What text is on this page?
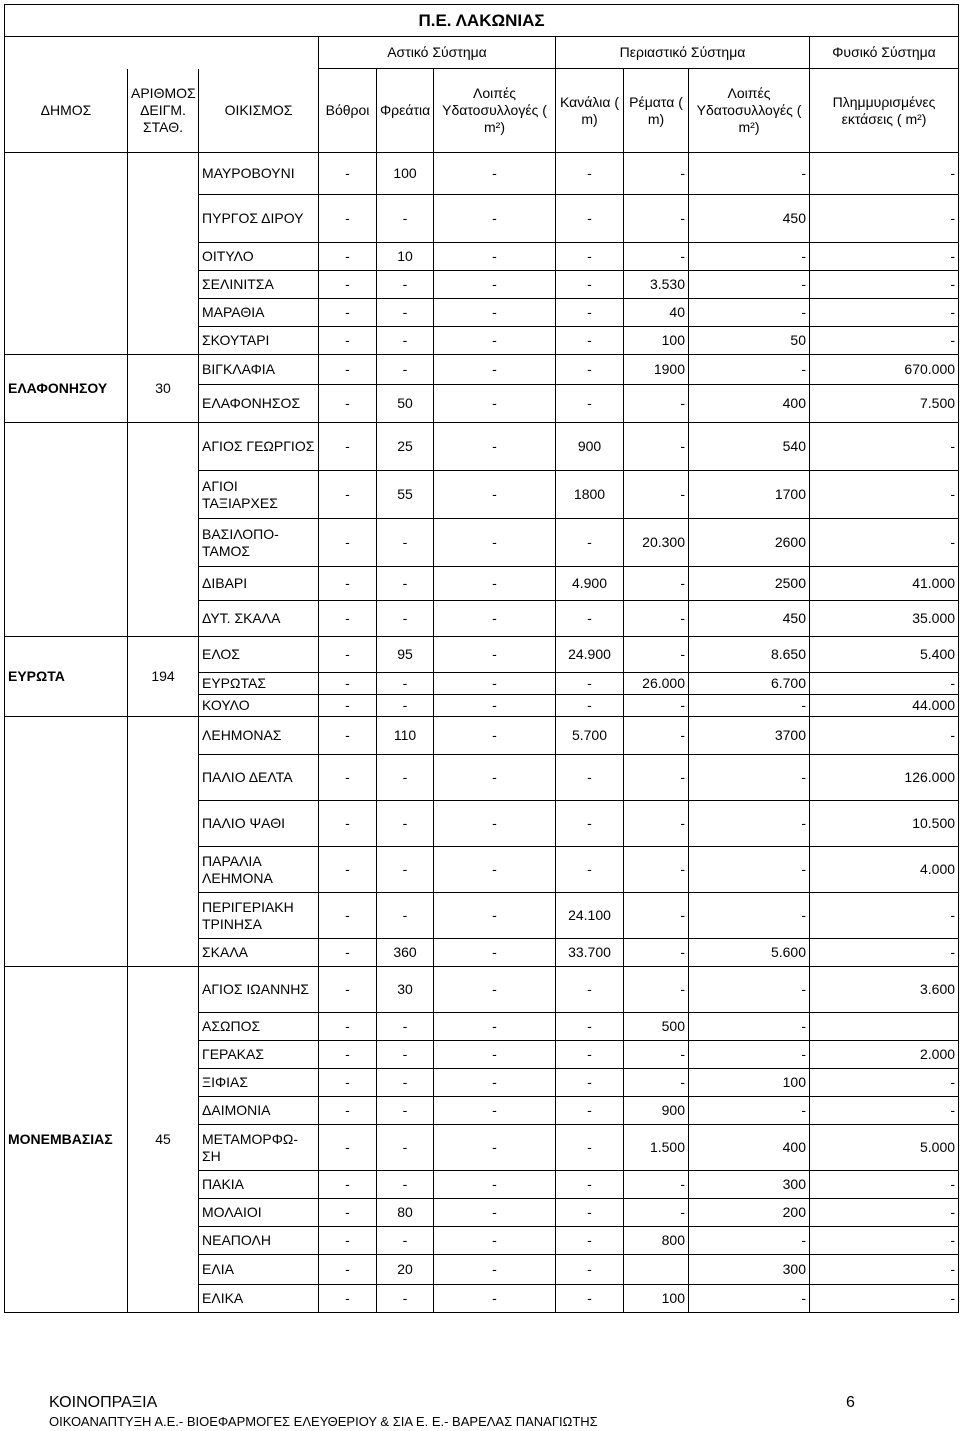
Π.Ε. ΛΑΚΩΝΙΑΣ									
			Αστικό Σύστημα			Περιαστικό Σύστημα			Φυσικό Σύστημα
ΔΗΜΟΣ	ΑΡΙΘΜΟΣ ΔΕΙΓΜ. ΣΤΑΘ.	ΟΙΚΙΣΜΟΣ	Βόθροι	Φρεάτια	Λοιπές Υδατοσυλλογές ( m²)	Κανάλια ( m)	Ρέματα ( m)	Λοιπές Υδατοσυλλογές ( m²)	Πλημμυρισμένες εκτάσεις ( m²)
		ΜΑΥΡΟΒΟΥΝΙ	-	100	-	-	-	-	-
		ΠΥΡΓΟΣ ΔΙΡΟΥ	-	-	-	-	-	450	-
		ΟΙΤΥΛΟ	-	10	-	-	-	-	-
		ΣΕΛΙΝΙΤΣΑ	-	-	-	-	3.530	-	-
		ΜΑΡΑΘΙΑ	-	-	-	-	40	-	-
		ΣΚΟΥΤΑΡΙ	-	-	-	-	100	50	-
ΕΛΑΦΟΝΗΣΟΥ	30	ΒΙΓΚΛΑΦΙΑ	-	-	-	-	1900	-	670.000
		ΕΛΑΦΟΝΗΣΟΣ	-	50	-	-	-	400	7.500
		ΑΓΙΟΣ ΓΕΩΡΓΙΟΣ	-	25	-	900	-	540	-
		ΑΓΙΟΙ ΤΑΞΙΑΡΧΕΣ	-	55	-	1800	-	1700	-
		ΒΑΣΙΛΟΠΟ-ΤΑΜΟΣ	-	-	-	-	20.300	2600	-
		ΔΙΒΑΡΙ	-	-	-	4.900	-	2500	41.000
		ΔΥΤ. ΣΚΑΛΑ	-	-	-	-	-	450	35.000
ΕΥΡΩΤΑ	194	ΕΛΟΣ	-	95	-	24.900	-	8.650	5.400
		ΕΥΡΩΤΑΣ	-	-	-	-	26.000	6.700	-
		ΚΟΥΛΟ	-	-	-	-	-	-	44.000
		ΛΕΗΜΟΝΑΣ	-	110	-	5.700	-	3700	-
		ΠΑΛΙΟ ΔΕΛΤΑ	-	-	-	-	-	-	126.000
		ΠΑΛΙΟ ΨΑΘΙ	-	-	-	-	-	-	10.500
		ΠΑΡΑΛΙΑ ΛΕΗΜΟΝΑ	-	-	-	-	-	-	4.000
		ΠΕΡΙΓΕΡΙΑΚΗ ΤΡΙΝΗΣΑ	-	-	-	24.100	-	-	-
		ΣΚΑΛΑ	-	360	-	33.700	-	5.600	-
ΜΟΝΕΜΒΑΣΙΑΣ	45	ΑΓΙΟΣ ΙΩΑΝΝΗΣ	-	30	-	-	-	-	3.600
		ΑΣΩΠΟΣ	-	-	-	-	500	-	
		ΓΕΡΑΚΑΣ	-	-	-	-	-	-	2.000
		ΞΙΦΙΑΣ	-	-	-	-	-	100	-
		ΔΑΙΜΟΝΙΑ	-	-	-	-	900	-	-
		ΜΕΤΑΜΟΡΦΩ-ΣΗ	-	-	-	-	1.500	400	5.000
		ΠΑΚΙΑ	-	-	-	-	-	300	-
		ΜΟΛΑΙΟΙ	-	80	-	-	-	200	-
		ΝΕΑΠΟΛΗ	-	-	-	-	800	-	-
		ΕΛΙΑ	-	20	-	-		300	-
		ΕΛΙΚΑ	-	-	-	-	100	-	-
ΚΟΙΝΟΠΡΑΞΙΑ
ΟΙΚΟΑΝΑΠΤΥΞΗ Α.Ε.- ΒΙΟΕΦΑΡΜΟΓΕΣ ΕΛΕΥΘΕΡΙΟΥ & ΣΙΑ Ε. Ε.- ΒΑΡΕΛΑΣ ΠΑΝΑΓΙΩΤΗΣ
6
